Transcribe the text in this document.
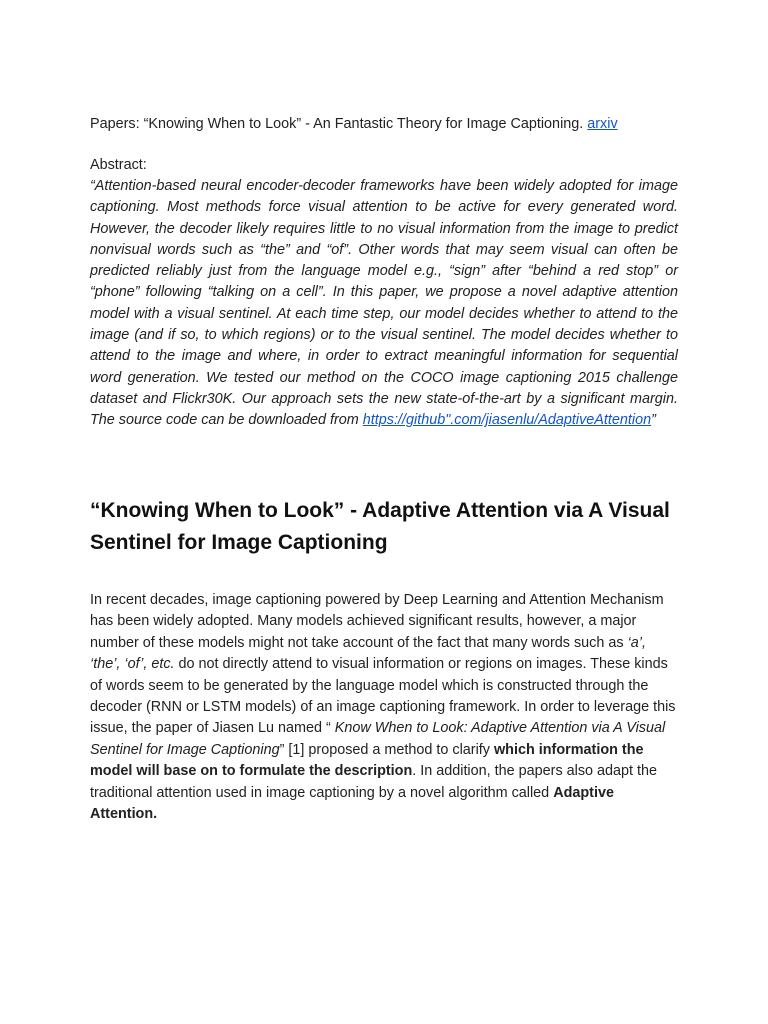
Papers: “Knowing When to Look” - An Fantastic Theory for Image Captioning. arxiv
Abstract:
“Attention-based neural encoder-decoder frameworks have been widely adopted for image captioning. Most methods force visual attention to be active for every generated word. However, the decoder likely requires little to no visual information from the image to predict nonvisual words such as “the” and “of”. Other words that may seem visual can often be predicted reliably just from the language model e.g., “sign” after “behind a red stop” or “phone” following “talking on a cell”. In this paper, we propose a novel adaptive attention model with a visual sentinel. At each time step, our model decides whether to attend to the image (and if so, to which regions) or to the visual sentinel. The model decides whether to attend to the image and where, in order to extract meaningful information for sequential word generation. We tested our method on the COCO image captioning 2015 challenge dataset and Flickr30K. Our approach sets the new state-of-the-art by a significant margin. The source code can be downloaded from https://github".com/jiasenlu/AdaptiveAttention”
“Knowing When to Look” - Adaptive Attention via A Visual Sentinel for Image Captioning
In recent decades, image captioning powered by Deep Learning and Attention Mechanism has been widely adopted. Many models achieved significant results, however, a major number of these models might not take account of the fact that many words such as ‘a’, ‘the’, ‘of’, etc. do not directly attend to visual information or regions on images. These kinds of words seem to be generated by the language model which is constructed through the decoder (RNN or LSTM models) of an image captioning framework. In order to leverage this issue, the paper of Jiasen Lu named “ Know When to Look: Adaptive Attention via A Visual Sentinel for Image Captioning” [1] proposed a method to clarify which information the model will base on to formulate the description. In addition, the papers also adapt the traditional attention used in image captioning by a novel algorithm called Adaptive Attention.
